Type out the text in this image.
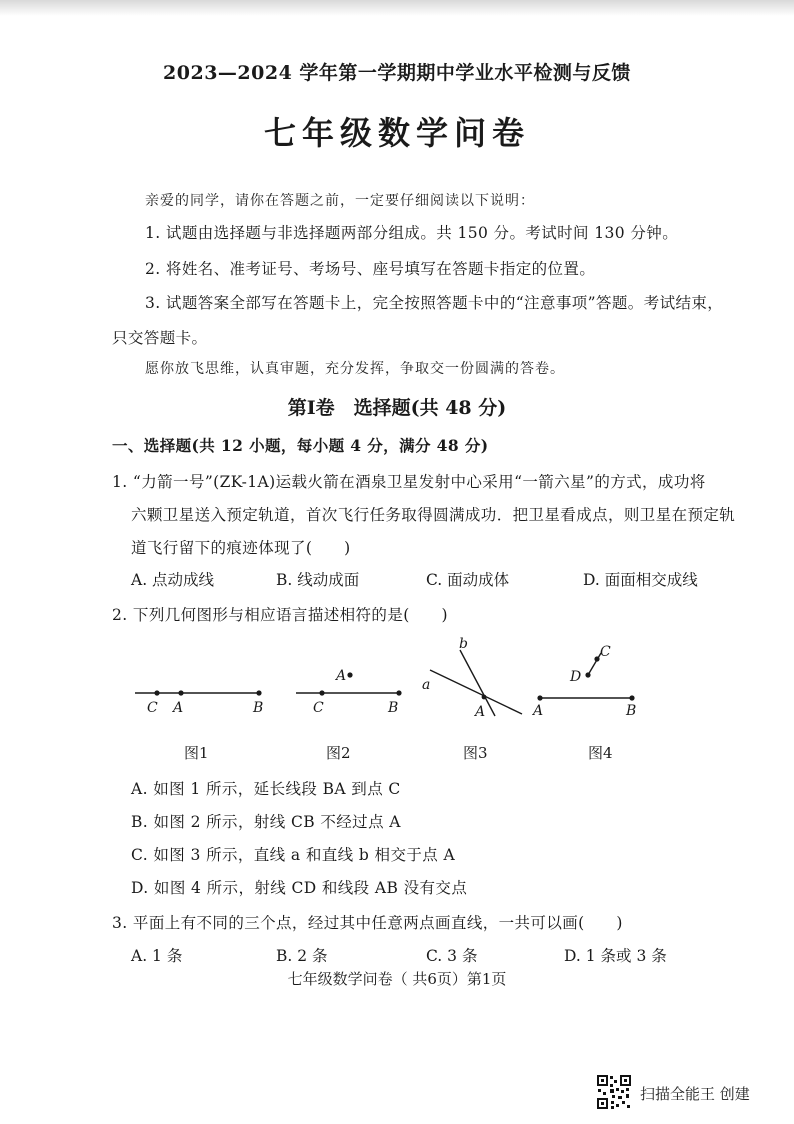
2023—2024 学年第一学期期中学业水平检测与反馈
七年级数学问卷
亲爱的同学，请你在答题之前，一定要仔细阅读以下说明：
1. 试题由选择题与非选择题两部分组成。共 150 分。考试时间 130 分钟。
2. 将姓名、准考证号、考场号、座号填写在答题卡指定的位置。
3. 试题答案全部写在答题卡上，完全按照答题卡中的“注意事项”答题。考试结束，
只交答题卡。
愿你放飞思维，认真审题，充分发挥，争取交一份圆满的答卷。
第Ⅰ卷　选择题(共 48 分)
一、选择题(共 12 小题，每小题 4 分，满分 48 分)
1. “力箭一号”(ZK-1A)运载火箭在酒泉卫星发射中心采用“一箭六星”的方式，成功将
六颗卫星送入预定轨道，首次飞行任务取得圆满成功．把卫星看成点，则卫星在预定轨
道飞行留下的痕迹体现了(　　)
A. 点动成线	B. 线动成面	C. 面动成体	D. 面面相交成线
2. 下列几何图形与相应语言描述相符的是(　　)
C A	B
A
C	B
b
a
A
C
D
A	B
图1	图2	图3	图4
A. 如图 1 所示，延长线段 BA 到点 C
B. 如图 2 所示，射线 CB 不经过点 A
C. 如图 3 所示，直线 a 和直线 b 相交于点 A
D. 如图 4 所示，射线 CD 和线段 AB 没有交点
3. 平面上有不同的三个点，经过其中任意两点画直线，一共可以画(　　)
A. 1 条	B. 2 条	C. 3 条	D. 1 条或 3 条
七年级数学问卷（ 共6页）第1页
扫描全能王 创建
